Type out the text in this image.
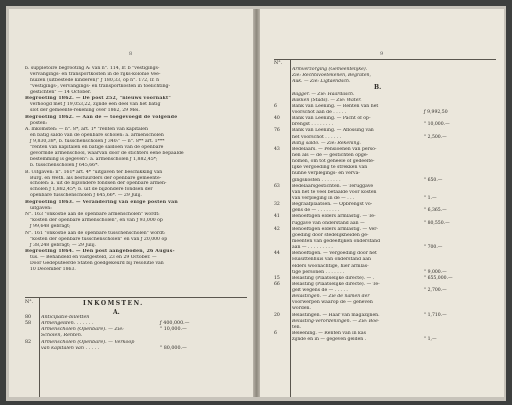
8

b. suppletoire begrooting A: van n°. 114, lr. b "vestigings-

vervangings- en transportkosten in de rijks-kolonie Vee-

huizen (uitbestede kinderen)" ƒ 180,33, op n°. 172, lr. h

"vestigings-, vervangings- en transportkosten in toelichting-

gestichten" — 14 October.

Begrooting 1862. — De post 252, "nieuws voornakt"

verhoogd met ƒ 19,053,22, zijnde een deel van het batig

slot der gemeente-rekening over 1862, 29 Mei.

Begrooting 1862. — Aan de — toegevoegd de volgende

posten:

A. Inkomsten: — n°. 8*, art. 1* "renten van kapitalen

en batig saldo van de openbare scholen: a. armenscholen

ƒ 9,830,38*, b. tusschenscholen ƒ 340:" — n°. 8** art. 1***

"renten van kapitalen en batige saldoen van de openbare

gevormde armenschool, waarvan door de stichters eene bepaalde

bestemming is gegeven": a. armenscholen ƒ 1,882,45*;

b. tusschenscholen ƒ 645,66*.

B. Uitgaven: n°. 161* art. 4* "uitgaven ter beschikking van

Burg. en Weth. als bestuurders der openbare gemeente-

scholen: a. uit de bijzondere fondsen der openbare armen-

scholen ƒ 1,882,45*; b. uit de bijzondere fondsen der

openbare tusschenscholen ƒ 645,66*. — 29 Julij.

Begrooting 1863. — Verandering van enige posten van

uitgaven:

N°. 163 "onkostie aan de openbare armenscholen" wordt:

"kosten der openbare armenscholen", en van ƒ 93,000 op

ƒ 99,648 gebragt;

N°. 161 "onkostie aan de openbare tusschenscholen" wordt:

"kosten der openbare tusschenscholen" en van ƒ 20,000 op

ƒ 38,248 gebragt; — 29 Julij.

Begrooting 1864. — Den post aangeboden, 26 Augus-

tus. — Behandeld en vastgesteld, 23 en 29 October. —

Door Gedeputeerde Staten goedgekeurd bij resolutie van

10 December 1863.

N°.	INKOMSTEN.
A.
80	Anticipatie-billetten
58	Armengelden. . . . . . .	ƒ 400,000.—
Armenscholen (Openbare). — Zie:	" 10,000.—
Scholen, Renten.
82	Armenscholen (Openbare). — Verkoop
van kapitalen van . . . . .	" 80,000.—
9
N°.
Armverzorging (Gemeentelijke).
Zie: Rechtsvoetekenen, Begräten,
Auk. — Zie: Ligtaendsch.
B.
Bagger. — Zie: Haardasch.
Bakken (Stads). — Zie: Water.
6	Bank van Leening. — Renten van het
voorschot aan de . . . . .	ƒ 9,992,50
40	Bank van Leening. — Pacht of op-
brengst . . . . . . . .	" 10,000.—
76	Bank van Leening. — Aflossing van
het voorschot . . . . . .	" 2,500.—
Batig saldo. — Zie: Rekening.
43	Bedelaars. — Pensioenen van perso-
nen als — de — gestichten opge-
nomen, om tot geheele of gedeelte-
lijke vergoeding te strekken van
hunne verplegings- en verva-
gingskosten . . . . . . .	" 650.—
63	Bedelaarsgestichten. — Teruggave
van het te veel betaalde voor kosten
van verpleging in de — . . .	" 1.—
32	Begraafplaatsen. — Opbrengst vo-
gens de — . . . . . . . .	" 6,365.—
41	Behoeftigen elders armlastig. — Te-
ruggave van onderstand aan —	" 80,550.—
42	Behoeftigen elders armlastig. — Ver-
goeding door stedelijkheiden ge-
meenten van gedeeltijken onderstand
aan — . . . . . . . . .	" 700.—
44	Behoeftigen. — Vergoeding door het
Huisittenhuis van onderstand aan
elders woonachtige, hier armlas-
tige personen . . . . . . .	" 9,000.—
15	Belasting (Plaatselijke directe). — .	" 655,000.—
66	Belasting (Plaatselijke directe). — Te-
gelt wegens de — . . . . .	" 2,700.—
Belastingen. — Zie de namen der
voorwerpen waarop de — geheven
worden.
20	Belastingen. — Haar van magazijnen.	" 1,710.—
Belasting-verordeningen. — Zie: Boe-
ten.
6	Beleening. — Renten van in kas
zijnde en in — gegeven gelden .	" 1,—
